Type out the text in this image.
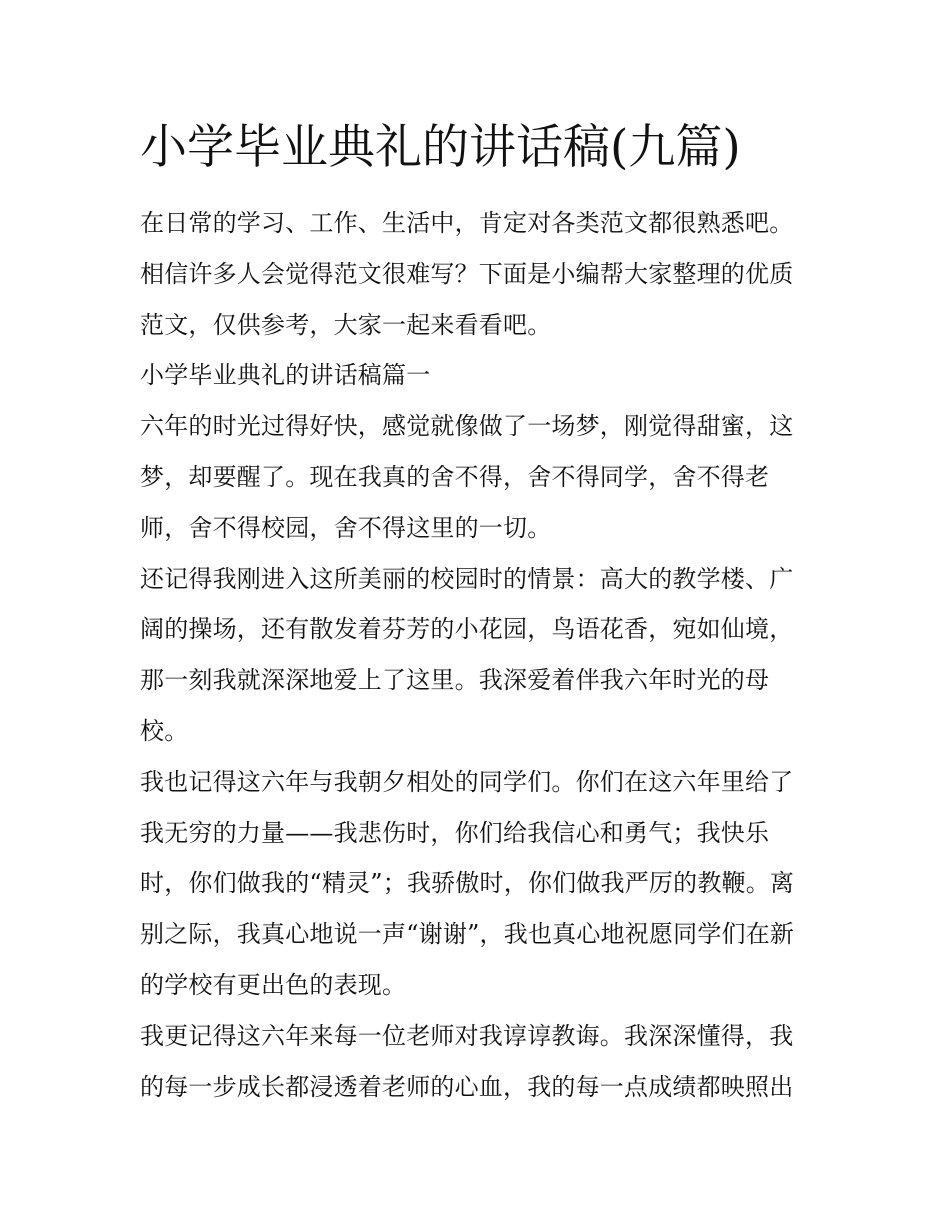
小学毕业典礼的讲话稿(九篇)

在日常的学习、工作、生活中，肯定对各类范文都很熟悉吧。相信许多人会觉得范文很难写？下面是小编帮大家整理的优质范文，仅供参考，大家一起来看看吧。

小学毕业典礼的讲话稿篇一

六年的时光过得好快，感觉就像做了一场梦，刚觉得甜蜜，这梦，却要醒了。现在我真的舍不得，舍不得同学，舍不得老师，舍不得校园，舍不得这里的一切。

还记得我刚进入这所美丽的校园时的情景：高大的教学楼、广阔的操场，还有散发着芬芳的小花园，鸟语花香，宛如仙境，那一刻我就深深地爱上了这里。我深爱着伴我六年时光的母校。

我也记得这六年与我朝夕相处的同学们。你们在这六年里给了我无穷的力量——我悲伤时，你们给我信心和勇气；我快乐时，你们做我的“精灵”；我骄傲时，你们做我严厉的教鞭。离别之际，我真心地说一声“谢谢”，我也真心地祝愿同学们在新的学校有更出色的表现。

我更记得这六年来每一位老师对我谆谆教诲。我深深懂得，我的每一步成长都浸透着老师的心血，我的每一点成绩都映照出
